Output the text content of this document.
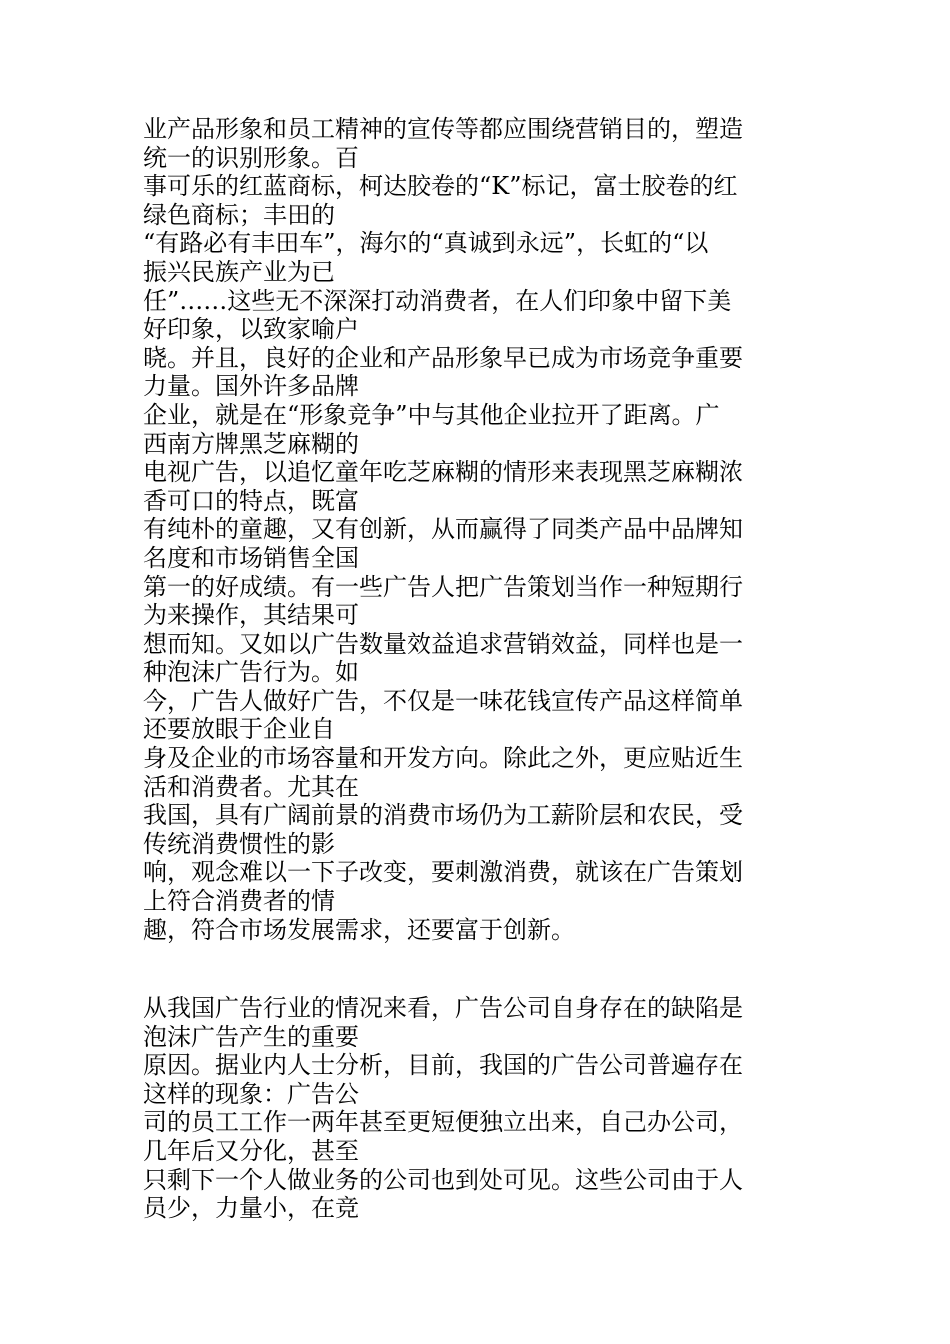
业产品形象和员工精神的宣传等都应围绕营销目的，塑造
统一的识别形象。百
事可乐的红蓝商标，柯达胶卷的“K”标记，富士胶卷的红
绿色商标；丰田的
“有路必有丰田车”，海尔的“真诚到永远”，长虹的“以
振兴民族产业为已
任”……这些无不深深打动消费者，在人们印象中留下美
好印象，以致家喻户
晓。并且，良好的企业和产品形象早已成为市场竞争重要
力量。国外许多品牌
企业，就是在“形象竞争”中与其他企业拉开了距离。广
西南方牌黑芝麻糊的
电视广告，以追忆童年吃芝麻糊的情形来表现黑芝麻糊浓
香可口的特点，既富
有纯朴的童趣，又有创新，从而赢得了同类产品中品牌知
名度和市场销售全国
第一的好成绩。有一些广告人把广告策划当作一种短期行
为来操作，其结果可
想而知。又如以广告数量效益追求营销效益，同样也是一
种泡沫广告行为。如
今，广告人做好广告，不仅是一味花钱宣传产品这样简单
还要放眼于企业自
身及企业的市场容量和开发方向。除此之外，更应贴近生
活和消费者。尤其在
我国，具有广阔前景的消费市场仍为工薪阶层和农民，受
传统消费惯性的影
响，观念难以一下子改变，要刺激消费，就该在广告策划
上符合消费者的情
趣，符合市场发展需求，还要富于创新。
从我国广告行业的情况来看，广告公司自身存在的缺陷是
泡沫广告产生的重要
原因。据业内人士分析，目前，我国的广告公司普遍存在
这样的现象：广告公
司的员工工作一两年甚至更短便独立出来，自己办公司，
几年后又分化，甚至
只剩下一个人做业务的公司也到处可见。这些公司由于人
员少，力量小，在竞
